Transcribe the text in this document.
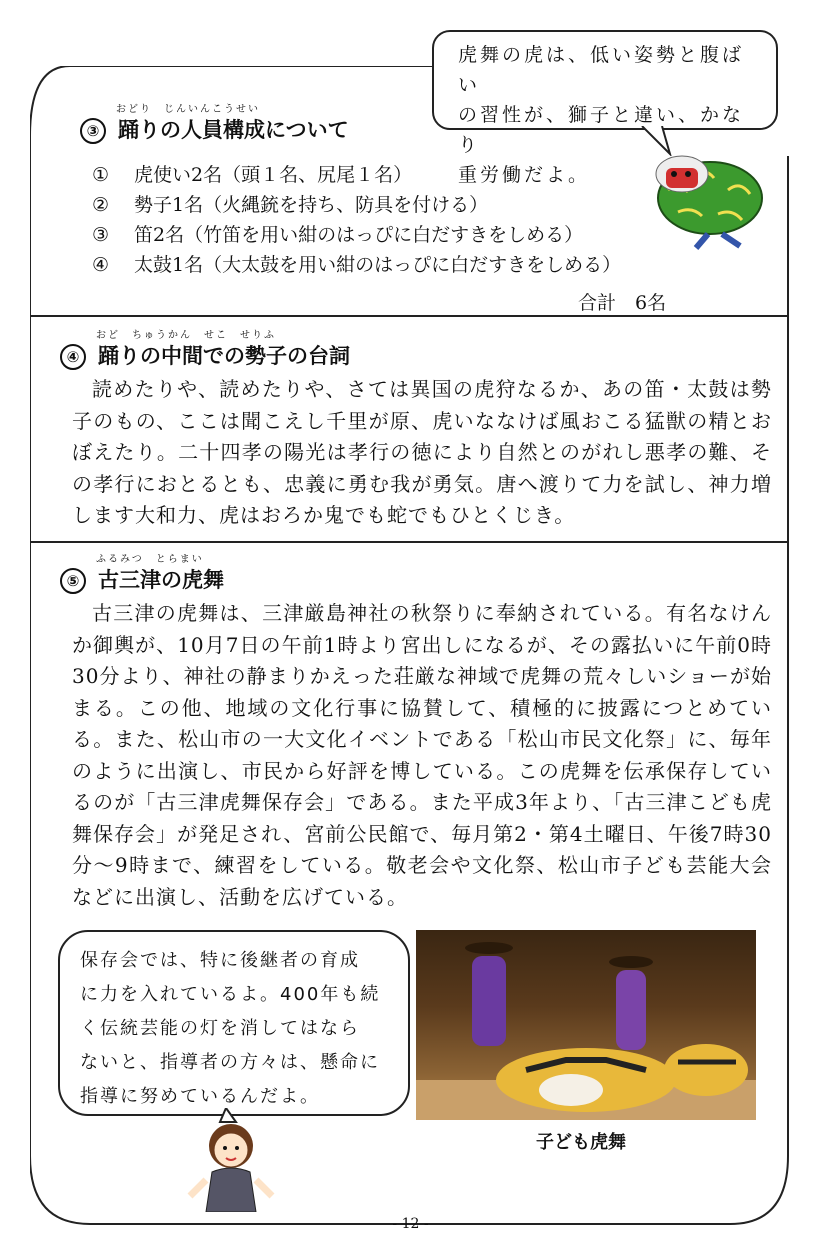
虎舞の虎は、低い姿勢と腹ばい
の習性が、獅子と違い、かなり
重労働だよ。
おどり　じんいんこうせい
③ 踊りの人員構成について
① 虎使い2名（頭１名、尻尾１名）
② 勢子1名（火縄銃を持ち、防具を付ける）
③ 笛2名（竹笛を用い紺のはっぴに白だすきをしめる）
④ 太鼓1名（大太鼓を用い紺のはっぴに白だすきをしめる）
合計　6名
おど　ちゅうかん　せこ　せりふ
④ 踊りの中間での勢子の台詞

読めたりや、読めたりや、さては異国の虎狩なるか、あの笛・太鼓は勢子のもの、ここは聞こえし千里が原、虎いななけば風おこる猛獣の精とおぼえたり。二十四孝の陽光は孝行の徳により自然とのがれし悪孝の難、その孝行におとるとも、忠義に勇む我が勇気。唐へ渡りて力を試し、神力増します大和力、虎はおろか鬼でも蛇でもひとくじき。

ふるみつ　とらまい
⑤ 古三津の虎舞

古三津の虎舞は、三津厳島神社の秋祭りに奉納されている。有名なけんか御輿が、10月7日の午前1時より宮出しになるが、その露払いに午前0時30分より、神社の静まりかえった荘厳な神域で虎舞の荒々しいショーが始まる。この他、地域の文化行事に協賛して、積極的に披露につとめている。また、松山市の一大文化イベントである「松山市民文化祭」に、毎年のように出演し、市民から好評を博している。この虎舞を伝承保存しているのが「古三津虎舞保存会」である。また平成3年より、「古三津こども虎舞保存会」が発足され、宮前公民館で、毎月第2・第4土曜日、午後7時30分～9時まで、練習をしている。敬老会や文化祭、松山市子ども芸能大会などに出演し、活動を広げている。

保存会では、特に後継者の育成
に力を入れているよ。400年も続
く伝統芸能の灯を消してはなら
ないと、指導者の方々は、懸命に
指導に努めているんだよ。
子ども虎舞
- 12 -
